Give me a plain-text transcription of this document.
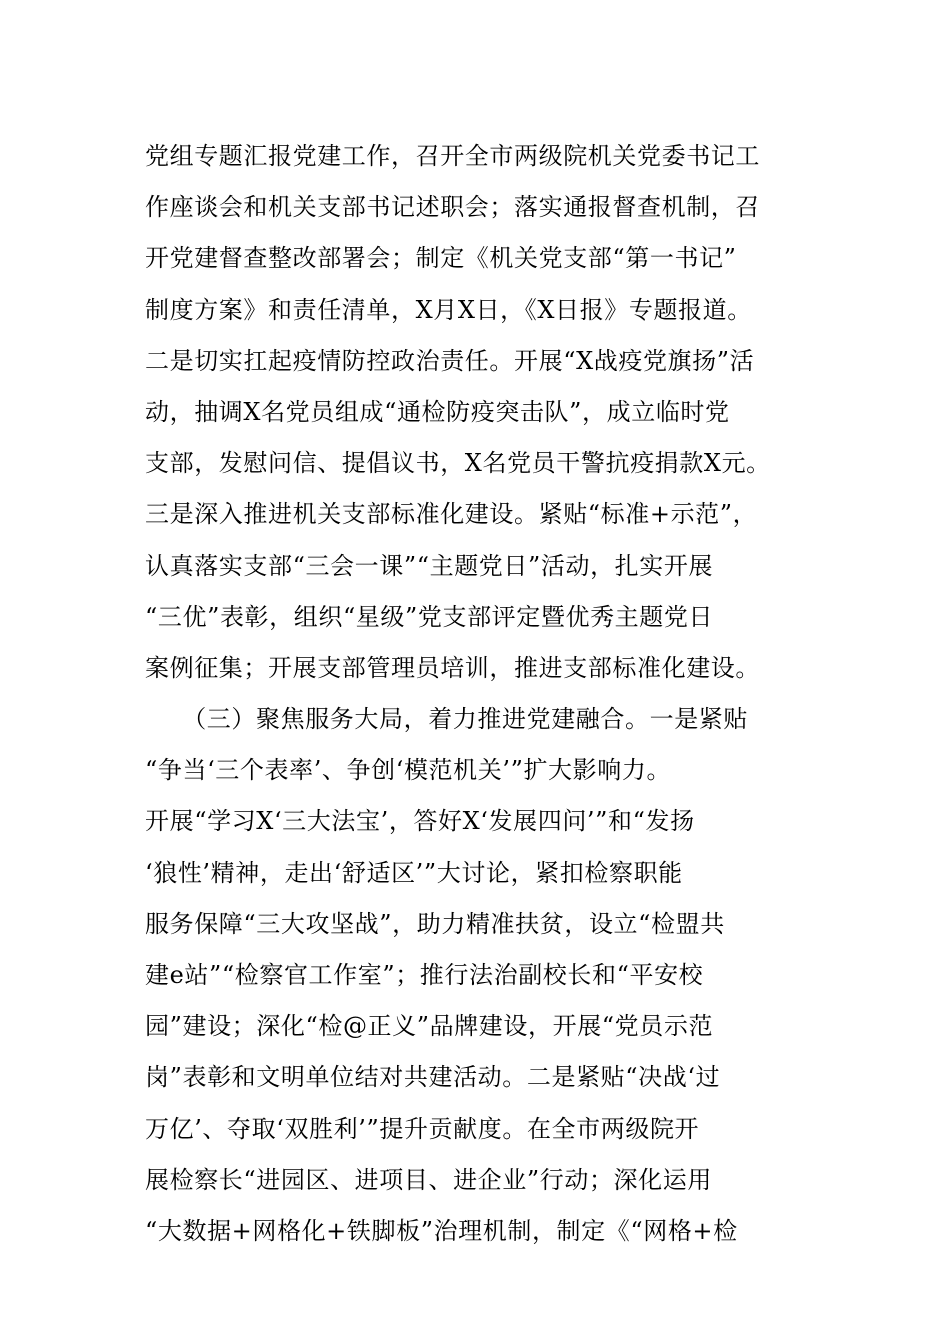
党组专题汇报党建工作，召开全市两级院机关党委书记工
作座谈会和机关支部书记述职会；落实通报督查机制，召
开党建督查整改部署会；制定《机关党支部“第一书记”
制度方案》和责任清单，X月X日，《X日报》专题报道。
二是切实扛起疫情防控政治责任。开展“X战疫党旗扬”活
动，抽调X名党员组成“通检防疫突击队”，成立临时党
支部，发慰问信、提倡议书，X名党员干警抗疫捐款X元。
三是深入推进机关支部标准化建设。紧贴“标准+示范”，
认真落实支部“三会一课”“主题党日”活动，扎实开展
“三优”表彰，组织“星级”党支部评定暨优秀主题党日
案例征集；开展支部管理员培训，推进支部标准化建设。
　　（三）聚焦服务大局，着力推进党建融合。一是紧贴
“争当‘三个表率’、争创‘模范机关’”扩大影响力。
开展“学习X‘三大法宝’，答好X‘发展四问’”和“发扬
‘狼性’精神，走出‘舒适区’”大讨论，紧扣检察职能
服务保障“三大攻坚战”，助力精准扶贫，设立“检盟共
建e站”“检察官工作室”；推行法治副校长和“平安校
园”建设；深化“检@正义”品牌建设，开展“党员示范
岗”表彰和文明单位结对共建活动。二是紧贴“决战‘过
万亿’、夺取‘双胜利’”提升贡献度。在全市两级院开
展检察长“进园区、进项目、进企业”行动；深化运用
“大数据+网格化+铁脚板”治理机制，制定《“网格+检
